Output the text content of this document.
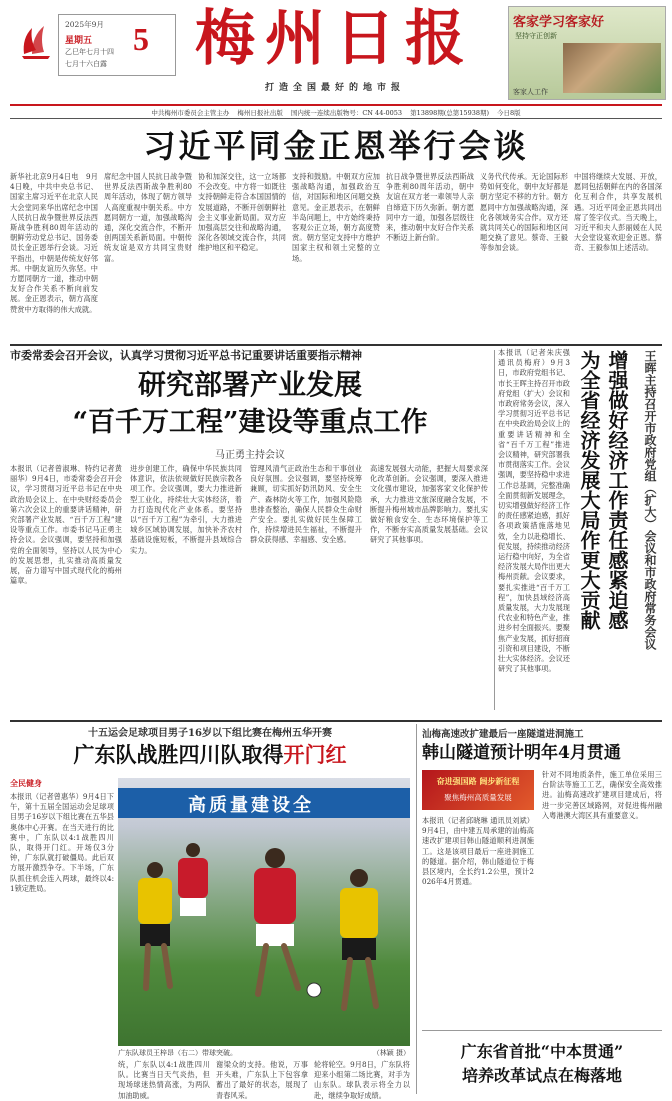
2025年9月
星期五
乙巳年七月十四
七月十六白露
5 梅州日报
打造全国最好的地市报
客家学习客家好
坚持守正创新
客家人工作
中共梅州市委员会主管主办 梅州日报社出版 国内统一连续出版物号：CN 44-0053 第13898期(总第15938期) 今日8版
习近平同金正恩举行会谈
新华社北京9月4日电　9月4日晚，中共中央总书记、国家主席习近平在北京人民大会堂同来华出席纪念中国人民抗日战争暨世界反法西斯战争胜利80周年活动的朝鲜劳动党总书记、国务委员长金正恩举行会谈。习近平指出，中朝是传统友好邻邦。中朝友谊历久弥坚。中方愿同朝方一道，推动中朝友好合作关系不断向前发展。金正恩表示，朝方高度赞赏中方取得的伟大成就。
席纪念中国人民抗日战争暨世界反法西斯战争胜利80周年活动，体现了朝方领导人高度重视中朝关系。中方愿同朝方一道，加强战略沟通，深化交流合作，不断开创两国关系新局面。中朝传统友谊是双方共同宝贵财富。
协和加深交往，这一立场都不会改变。中方将一如既往支持朝鲜走符合本国国情的发展道路，不断开创朝鲜社会主义事业新局面。双方应加强高层交往和战略沟通，深化各领域交流合作，共同维护地区和平稳定。
支持和鼓励。中朝双方应加强战略沟通，加强政治互信，对国际和地区问题交换意见。金正恩表示，在朝鲜半岛问题上，中方始终秉持客观公正立场，朝方高度赞赏。朝方坚定支持中方维护国家主权和领土完整的立场。
抗日战争暨世界反法西斯战争胜利80周年活动，朝中友谊在双方老一辈领导人亲自缔造下历久弥新。朝方愿同中方一道，加强各层级往来，推动朝中友好合作关系不断迈上新台阶。
义务代代传承。无论国际形势如何变化，朝中友好都是朝方坚定不移的方针。朝方愿同中方加强战略沟通，深化各领域务实合作。双方还就共同关心的国际和地区问题交换了意见。蔡奇、王毅等参加会谈。
中国将继续大发展、开放，愿同包括朝鲜在内的各国深化互利合作，共享发展机遇。习近平同金正恩共同出席了签字仪式。当天晚上，习近平和夫人彭丽媛在人民大会堂设宴欢迎金正恩。蔡奇、王毅参加上述活动。
市委常委会召开会议，认真学习贯彻习近平总书记重要讲话重要指示精神
研究部署产业发展
“百千万工程”建设等重点工作
马正勇主持会议
本报讯（记者曾淑琳、特约记者黄丽华）9月4日，市委常委会召开会议，学习贯彻习近平总书记在中央政治局会议上、在中央财经委员会第六次会议上的重要讲话精神，研究部署产业发展、“百千万工程”建设等重点工作。市委书记马正勇主持会议。会议强调，要坚持和加强党的全面领导，坚持以人民为中心的发展思想，扎实推动高质量发展，奋力谱写中国式现代化的梅州篇章。
进步创建工作，确保中华民族共同体意识，依法依规做好民族宗教各项工作。会议强调，要大力推进新型工业化，持续壮大实体经济，着力打造现代化产业体系。要坚持以“百千万工程”为牵引，大力推进城乡区域协调发展，加快补齐农村基础设施短板，不断提升县域综合实力。
管理风清气正政治生态和干事创业良好氛围。会议强调，要坚持统筹兼顾，切实抓好防汛防风、安全生产、森林防火等工作，加强风险隐患排查整治，确保人民群众生命财产安全。要扎实做好民生保障工作，持续增进民生福祉，不断提升群众获得感、幸福感、安全感。
高速发展强大动能，把握大局要求深化改革创新。会议强调，要深入推进文化强市建设，加强客家文化保护传承，大力推进文旅深度融合发展，不断提升梅州城市品牌影响力。要扎实做好粮食安全、生态环境保护等工作，不断夯实高质量发展基础。会议研究了其他事项。
本报讯（记者朱庆强 通讯员梅府）9月3日，市政府党组书记、市长王晖主持召开市政府党组（扩大）会议和市政府常务会议，深入学习贯彻习近平总书记在中央政治局会议上的重要讲话精神和全省“百千万工程”推进会议精神，研究部署我市贯彻落实工作。会议强调，要坚持稳中求进工作总基调，完整准确全面贯彻新发展理念，切实增强做好经济工作的责任感紧迫感，抓好各项政策措施落地见效，全力以赴稳增长、促发展，持续推动经济运行稳中向好，为全省经济发展大局作出更大梅州贡献。会议要求，要扎实推进“百千万工程”，加快县域经济高质量发展，大力发展现代农业和特色产业，推进乡村全面振兴。要聚焦产业发展，抓好招商引资和项目建设，不断壮大实体经济。会议还研究了其他事项。
增强做好经济工作责任感紧迫感
为全省经济发展大局作更大贡献	王晖主持召开市政府党组（扩大）会议和市政府常务会议
十五运会足球项目男子16岁以下组比赛在梅州五华开赛
广东队战胜四川队取得开门红
全民健身
本报讯（记者曾惠华）9月4日下午，第十五届全国运动会足球项目男子16岁以下组比赛在五华县奥体中心开赛。在当天进行的比赛中，广东队以4:1战胜四川队，取得开门红。开场仅3分钟，广东队就打破僵局。此后双方展开激烈争夺。下半场，广东队抓住机会连入两球，最终以4:1锁定胜局。
高质量建设全
广东队球员王梓昂（右二）带球突破。	（林颖 摄）
统，广东队以4:1战胜四川队。比赛当日天气炎热，但现场球迷热情高涨，为两队加油助威。
谢梁众的支持。他说，万事开头难，广东队上下包容拿蓄出了最好的状态，展现了青春风采。
轮将轮空。9月8日，广东队将迎来小组第二场比赛，对手为山东队。球队表示将全力以赴，继续争取好成绩。
汕梅高速改扩建最后一座隧道进洞施工
韩山隧道预计明年4月贯通
奋进强国路 阔步新征程
聚焦梅州高质量发展
本报讯（记者邱晓琳 通讯员刘斌）9月4日，由中建五局承建的汕梅高速改扩建项目韩山隧道顺利进洞施工。这是该项目最后一座进洞施工的隧道。据介绍，韩山隧道位于梅县区境内，全长约1.2公里，预计2026年4月贯通。
针对不同地质条件，施工单位采用三台阶法等施工工艺，确保安全高效推进。汕梅高速改扩建项目建成后，将进一步完善区域路网，对促进梅州融入粤港澳大湾区具有重要意义。
广东省首批“中本贯通”
培养改革试点在梅落地
